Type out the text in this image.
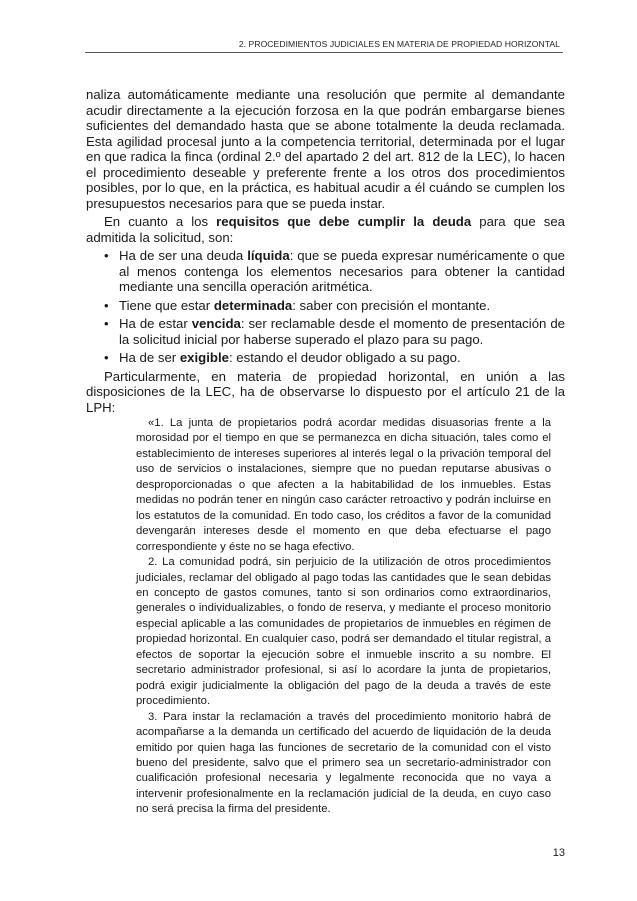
2. PROCEDIMIENTOS JUDICIALES EN MATERIA DE PROPIEDAD HORIZONTAL

naliza automáticamente mediante una resolución que permite al demandante acudir directamente a la ejecución forzosa en la que podrán embargarse bienes suficientes del demandado hasta que se abone totalmente la deuda reclamada. Esta agilidad procesal junto a la competencia territorial, determinada por el lugar en que radica la finca (ordinal 2.º del apartado 2 del art. 812 de la LEC), lo hacen el procedimiento deseable y preferente frente a los otros dos procedimientos posibles, por lo que, en la práctica, es habitual acudir a él cuándo se cumplen los presupuestos necesarios para que se pueda instar.

En cuanto a los requisitos que debe cumplir la deuda para que sea admitida la solicitud, son:

• Ha de ser una deuda líquida: que se pueda expresar numéricamente o que al menos contenga los elementos necesarios para obtener la cantidad mediante una sencilla operación aritmética.
• Tiene que estar determinada: saber con precisión el montante.
• Ha de estar vencida: ser reclamable desde el momento de presentación de la solicitud inicial por haberse superado el plazo para su pago.
• Ha de ser exigible: estando el deudor obligado a su pago.

Particularmente, en materia de propiedad horizontal, en unión a las disposiciones de la LEC, ha de observarse lo dispuesto por el artículo 21 de la LPH:

«1. La junta de propietarios podrá acordar medidas disuasorias frente a la morosidad por el tiempo en que se permanezca en dicha situación, tales como el establecimiento de intereses superiores al interés legal o la privación temporal del uso de servicios o instalaciones, siempre que no puedan reputarse abusivas o desproporcionadas o que afecten a la habitabilidad de los inmuebles. Estas medidas no podrán tener en ningún caso carácter retroactivo y podrán incluirse en los estatutos de la comunidad. En todo caso, los créditos a favor de la comunidad devengarán intereses desde el momento en que deba efectuarse el pago correspondiente y éste no se haga efectivo.

2. La comunidad podrá, sin perjuicio de la utilización de otros procedimientos judiciales, reclamar del obligado al pago todas las cantidades que le sean debidas en concepto de gastos comunes, tanto si son ordinarios como extraordinarios, generales o individualizables, o fondo de reserva, y mediante el proceso monitorio especial aplicable a las comunidades de propietarios de inmuebles en régimen de propiedad horizontal. En cualquier caso, podrá ser demandado el titular registral, a efectos de soportar la ejecución sobre el inmueble inscrito a su nombre. El secretario administrador profesional, si así lo acordare la junta de propietarios, podrá exigir judicialmente la obligación del pago de la deuda a través de este procedimiento.

3. Para instar la reclamación a través del procedimiento monitorio habrá de acompañarse a la demanda un certificado del acuerdo de liquidación de la deuda emitido por quien haga las funciones de secretario de la comunidad con el visto bueno del presidente, salvo que el primero sea un secretario-administrador con cualificación profesional necesaria y legalmente reconocida que no vaya a intervenir profesionalmente en la reclamación judicial de la deuda, en cuyo caso no será precisa la firma del presidente.

13
